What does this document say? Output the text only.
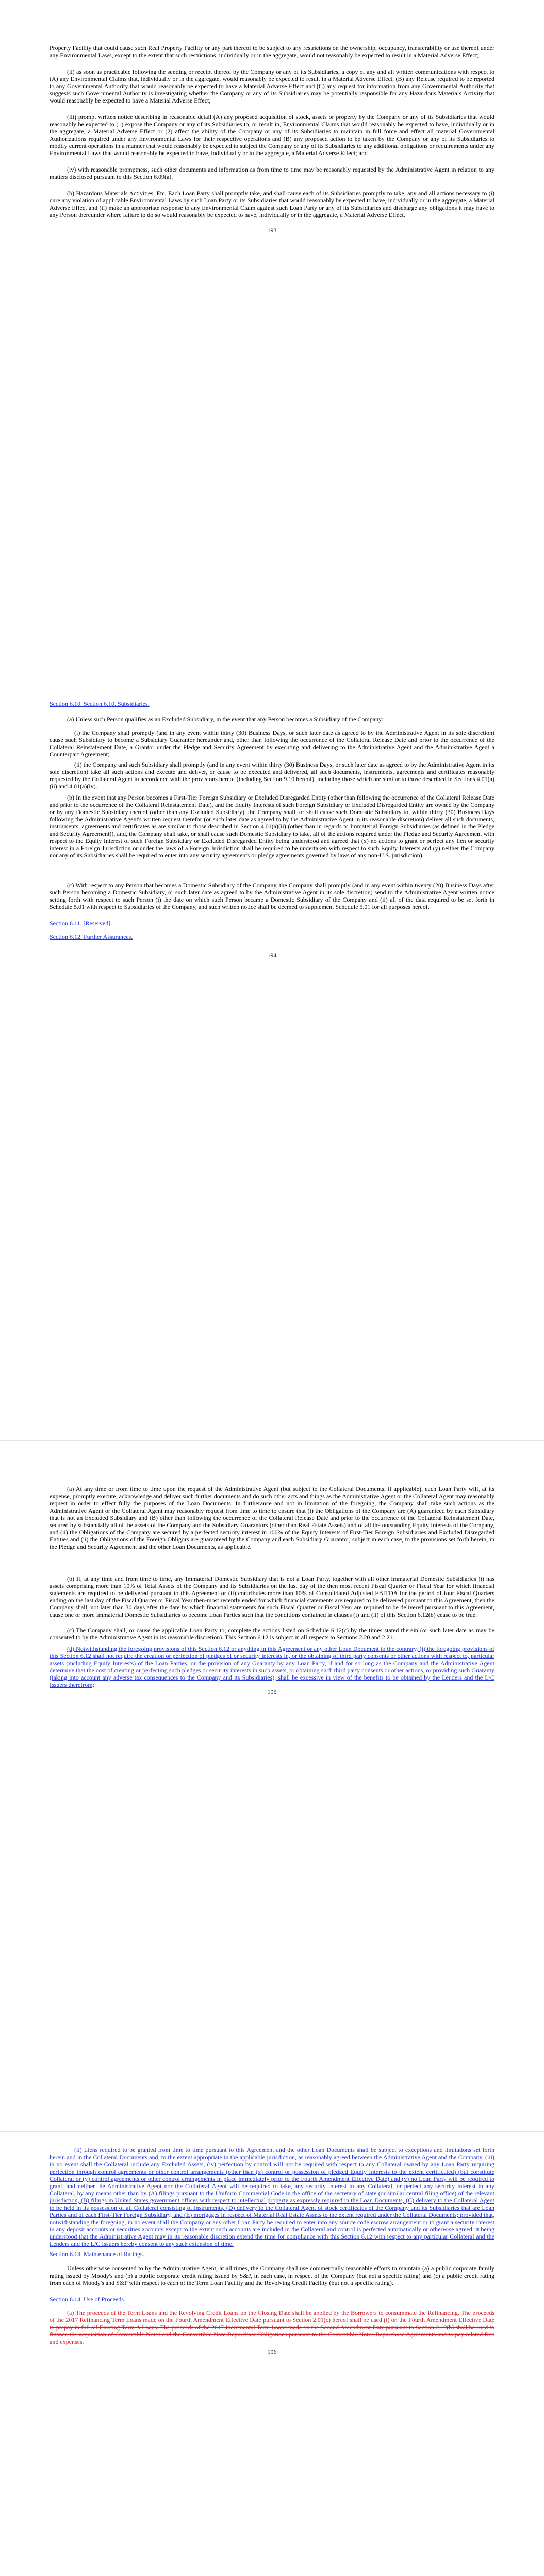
Property Facility that could cause such Real Property Facility or any part thereof to be subject to any restrictions on the ownership, occupancy, transferability or use thereof under any Environmental Laws, except to the extent that such restrictions, individually or in the aggregate, would not reasonably be expected to result in a Material Adverse Effect;

(ii) as soon as practicable following the sending or receipt thereof by the Company or any of its Subsidiaries, a copy of any and all written communications with respect to (A) any Environmental Claims that, individually or in the aggregate, would reasonably be expected to result in a Material Adverse Effect, (B) any Release required to be reported to any Governmental Authority that would reasonably be expected to have a Material Adverse Effect and (C) any request for information from any Governmental Authority that suggests such Governmental Authority is investigating whether the Company or any of its Subsidiaries may be potentially responsible for any Hazardous Materials Activity that would reasonably be expected to have a Material Adverse Effect;

(iii) prompt written notice describing in reasonable detail (A) any proposed acquisition of stock, assets or property by the Company or any of its Subsidiaries that would reasonably be expected to (1) expose the Company or any of its Subsidiaries to, or result in, Environmental Claims that would reasonably be expected to have, individually or in the aggregate, a Material Adverse Effect or (2) affect the ability of the Company or any of its Subsidiaries to maintain in full force and effect all material Governmental Authorizations required under any Environmental Laws for their respective operations and (B) any proposed action to be taken by the Company or any of its Subsidiaries to modify current operations in a manner that would reasonably be expected to subject the Company or any of its Subsidiaries to any additional obligations or requirements under any Environmental Laws that would reasonably be expected to have, individually or in the aggregate, a Material Adverse Effect; and

(iv) with reasonable promptness, such other documents and information as from time to time may be reasonably requested by the Administrative Agent in relation to any matters disclosed pursuant to this Section 6.09(a).

(b) Hazardous Materials Activities, Etc. Each Loan Party shall promptly take, and shall cause each of its Subsidiaries promptly to take, any and all actions necessary to (i) cure any violation of applicable Environmental Laws by such Loan Party or its Subsidiaries that would reasonably be expected to have, individually or in the aggregate, a Material Adverse Effect and (ii) make an appropriate response to any Environmental Claim against such Loan Party or any of its Subsidiaries and discharge any obligations it may have to any Person thereunder where failure to do so would reasonably be expected to have, individually or in the aggregate, a Material Adverse Effect.

193

Section 6.10. Section 6.10. Subsidiaries.

(a) Unless such Person qualifies as an Excluded Subsidiary, in the event that any Person becomes a Subsidiary of the Company:

(i) the Company shall promptly (and in any event within thirty (30) Business Days, or such later date as agreed to by the Administrative Agent in its sole discretion) cause such Subsidiary to become a Subsidiary Guarantor hereunder and, other than following the occurrence of the Collateral Release Date and prior to the occurrence of the Collateral Reinstatement Date, a Grantor under the Pledge and Security Agreement by executing and delivering to the Administrative Agent and the Administrative Agent a Counterpart Agreement;

(ii) the Company and such Subsidiary shall promptly (and in any event within thirty (30) Business Days, or such later date as agreed to by the Administrative Agent in its sole discretion) take all such actions and execute and deliver, or cause to be executed and delivered, all such documents, instruments, agreements and certificates reasonably requested by the Collateral Agent in accordance with the provisions hereof (including Section 9.10 hereof), including those which are similar to those described in Sections 4.01(a)(ii) and 4.01(a)(iv).

(b) In the event that any Person becomes a First-Tier Foreign Subsidiary or Excluded Disregarded Entity (other than following the occurrence of the Collateral Release Date and prior to the occurrence of the Collateral Reinstatement Date), and the Equity Interests of such Foreign Subsidiary or Excluded Disregarded Entity are owned by the Company or by any Domestic Subsidiary thereof (other than any Excluded Subsidiary), the Company shall, or shall cause such Domestic Subsidiary to, within thirty (30) Business Days following the Administrative Agent's written request therefor (or such later date as agreed to by the Administrative Agent in its reasonable discretion) deliver all such documents, instruments, agreements and certificates as are similar to those described in Section 4.01(a)(ii) (other than in regards to Immaterial Foreign Subsidiaries (as defined in the Pledge and Security Agreement)), and, the Company shall take, or shall cause such Domestic Subsidiary to take, all of the actions required under the Pledge and Security Agreement with respect to the Equity Interest of such Foreign Subsidiary or Excluded Disregarded Entity being understood and agreed that (x) no actions to grant or perfect any lien or security interest in a Foreign Jurisdiction or under the laws of a Foreign Jurisdiction shall be required to be undertaken with respect to such Equity Interests and (y) neither the Company nor any of its Subsidiaries shall be required to enter into any security agreements or pledge agreements governed by laws of any non-U.S. jurisdiction).

(c) With respect to any Person that becomes a Domestic Subsidiary of the Company, the Company shall promptly (and in any event within twenty (20) Business Days after such Person becoming a Domestic Subsidiary, or such later date as agreed to by the Administrative Agent in its sole discretion) send to the Administrative Agent written notice setting forth with respect to such Person (i) the date on which such Person became a Domestic Subsidiary of the Company and (ii) all of the data required to be set forth in Schedule 5.01 with respect to Subsidiaries of the Company, and such written notice shall be deemed to supplement Schedule 5.01 for all purposes hereof.

Section 6.11. [Reserved].

Section 6.12. Further Assurances.

194

(a) At any time or from time to time upon the request of the Administrative Agent (but subject to the Collateral Documents, if applicable), each Loan Party will, at its expense, promptly execute, acknowledge and deliver such further documents and do such other acts and things as the Administrative Agent or the Collateral Agent may reasonably request in order to effect fully the purposes of the Loan Documents. In furtherance and not in limitation of the foregoing, the Company shall take such actions as the Administrative Agent or the Collateral Agent may reasonably request from time to time to ensure that (i) the Obligations of the Company are (A) guaranteed by each Subsidiary that is not an Excluded Subsidiary and (B) other than following the occurrence of the Collateral Release Date and prior to the occurrence of the Collateral Reinstatement Date, secured by substantially all of the assets of the Company and the Subsidiary Guarantors (other than Real Estate Assets) and of all the outstanding Equity Interests of the Company, and (ii) the Obligations of the Company are secured by a perfected security interest in 100% of the Equity Interests of First-Tier Foreign Subsidiaries and Excluded Disregarded Entities and (ii) the Obligations of the Foreign Obligors are guaranteed by the Company and each Subsidiary Guarantor, subject in each case, to the provisions set forth herein, in the Pledge and Security Agreement and the other Loan Documents, as applicable.

(b) If, at any time and from time to time, any Immaterial Domestic Subsidiary that is not a Loan Party, together with all other Immaterial Domestic Subsidiaries (i) has assets comprising more than 10% of Total Assets of the Company and its Subsidiaries on the last day of the then most recent Fiscal Quarter or Fiscal Year for which financial statements are required to be delivered pursuant to this Agreement or (ii) contributes more than 10% of Consolidated Adjusted EBITDA for the period of four Fiscal Quarters ending on the last day of the Fiscal Quarter or Fiscal Year then-most recently ended for which financial statements are required to be delivered pursuant to this Agreement, then the Company shall, not later than 30 days after the date by which financial statements for such Fiscal Quarter or Fiscal Year are required to be delivered pursuant to this Agreement, cause one or more Immaterial Domestic Subsidiaries to become Loan Parties such that the conditions contained in clauses (i) and (ii) of this Section 6.12(b) cease to be true.

(c) The Company shall, or cause the applicable Loan Party to, complete the actions listed on Schedule 6.12(c) by the times stated therein (or such later date as may be consented to by the Administrative Agent in its reasonable discretion). This Section 6.12 is subject in all respects to Sections 2.20 and 2.21.

(d) Notwithstanding the foregoing provisions of this Section 6.12 or anything in this Agreement or any other Loan Document to the contrary, (i) the foregoing provisions of this Section 6.12 shall not require the creation or perfection of pledges of or security interests in, or the obtaining of third party consents or other actions with respect to, particular assets (including Equity Interests) of the Loan Parties, or the provision of any Guaranty by any Loan Party, if and for so long as the Company and the Administrative Agent determine that the cost of creating or perfecting such pledges or security interests in such assets, or obtaining such third party consents or other actions, or providing such Guaranty (taking into account any adverse tax consequences to the Company and its Subsidiaries), shall be excessive in view of the benefits to be obtained by the Lenders and the L/C Issuers therefrom;

195

(ii) Liens required to be granted from time to time pursuant to this Agreement and the other Loan Documents shall be subject to exceptions and limitations set forth herein and in the Collateral Documents and, to the extent appropriate in the applicable jurisdiction, as reasonably agreed between the Administrative Agent and the Company, (iii) in no event shall the Collateral include any Excluded Assets, (iv) perfection by control will not be required with respect to any Collateral owned by any Loan Party requiring perfection through control agreements or other control arrangements (other than (x) control or possession of pledged Equity Interests to the extent certificated) (but constitute Collateral or (y) control agreements or other control arrangements in place immediately prior to the Fourth Amendment Effective Date) and (v) no Loan Party will be required to grant, and neither the Administrative Agent nor the Collateral Agent will be required to take, any security interest in any Collateral, or perfect any security interest in any Collateral, by any means other than by (A) filings pursuant to the Uniform Commercial Code in the office of the secretary of state (or similar central filing office) of the relevant jurisdiction, (B) filings in United States government offices with respect to intellectual property as expressly required in the Loan Documents, (C) delivery to the Collateral Agent to be held in its possession of all Collateral consisting of instruments, (D) delivery to the Collateral Agent of stock certificates of the Company and its Subsidiaries that are Loan Parties and of each First-Tier Foreign Subsidiary, and (E) mortgages in respect of Material Real Estate Assets to the extent required under the Collateral Documents; provided that, notwithstanding the foregoing, in no event shall the Company or any other Loan Party be required to enter into any source code escrow arrangement or to grant a security interest in any deposit accounts or securities accounts except to the extent such accounts are included in the Collateral and control is perfected automatically or otherwise agreed, it being understood that the Administrative Agent may in its reasonable discretion extend the time for compliance with this Section 6.12 with respect to any particular Collateral and the Lenders and the L/C Issuers hereby consent to any such extension of time.

Section 6.13. Maintenance of Ratings.

Unless otherwise consented to by the Administrative Agent, at all times, the Company shall use commercially reasonable efforts to maintain (a) a public corporate family rating issued by Moody's and (b) a public corporate credit rating issued by S&P, in each case, in respect of the Company (but not a specific rating) and (c) a public credit rating from each of Moody's and S&P with respect to each of the Term Loan Facility and the Revolving Credit Facility (but not a specific rating).

Section 6.14. Use of Proceeds.

(a) The proceeds of the Term Loans and the Revolving Credit Loans on the Closing Date shall be applied by the Borrowers to consummate the Refinancing. The proceeds of the 2017 Refinancing Term Loans made on the Fourth Amendment Effective Date pursuant to Section 2.01(c) hereof shall be used (i) on the Fourth Amendment Effective Date to prepay in full all Existing Term A Loans. The proceeds of the 2017 Incremental Term Loans made on the Second Amendment Date pursuant to Section 2.19(b) shall be used to finance the acquisition of Convertible Notes and the Convertible Note Repurchase Obligations pursuant to the Convertible Notes Repurchase Agreements and to pay related fees and expenses.

196
